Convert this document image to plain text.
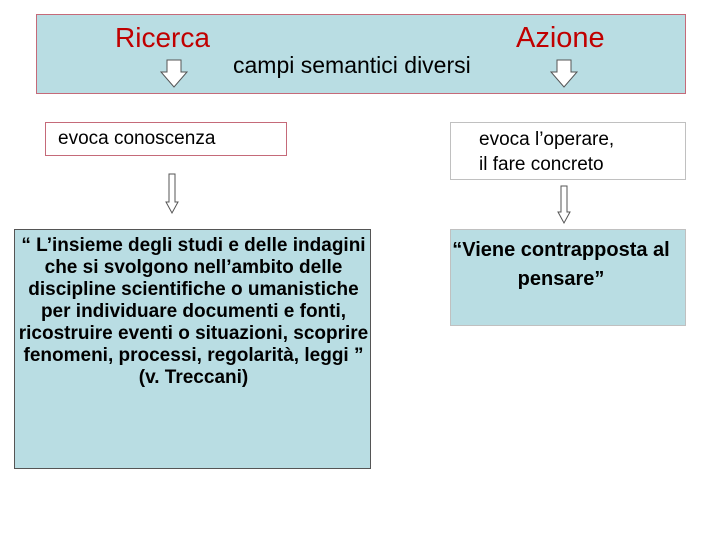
Ricerca	Azione
campi semantici diversi
evoca conoscenza	evoca l’operare,
il fare concreto
“ L’insieme degli studi e delle indagini che si svolgono nell’ambito delle discipline scientifiche o umanistiche per individuare documenti e fonti, ricostruire eventi o situazioni, scoprire fenomeni, processi, regolarità, leggi ” (v. Treccani)
“Viene contrapposta al pensare”
